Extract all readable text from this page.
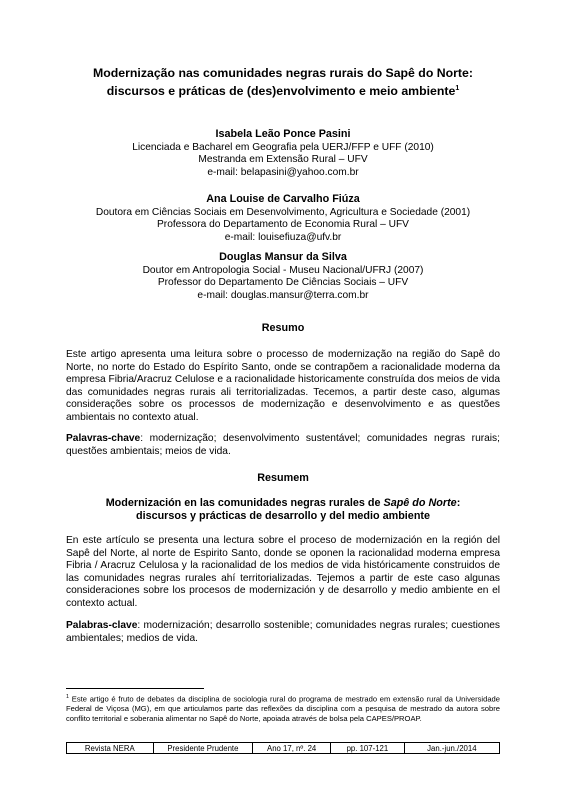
Modernização nas comunidades negras rurais do Sapê do Norte:
discursos e práticas de (des)envolvimento e meio ambiente$^1$
Isabela Leão Ponce Pasini
Licenciada e Bacharel em Geografia pela UERJ/FFP e UFF (2010)
Mestranda em Extensão Rural – UFV
e-mail: belapasini@yahoo.com.br
Ana Louise de Carvalho Fiúza
Doutora em Ciências Sociais em Desenvolvimento, Agricultura e Sociedade (2001)
Professora do Departamento de Economia Rural – UFV
e-mail: louisefiuza@ufv.br
Douglas Mansur da Silva
Doutor em Antropologia Social - Museu Nacional/UFRJ (2007)
Professor do Departamento De Ciências Sociais – UFV
e-mail: douglas.mansur@terra.com.br
Resumo
Este artigo apresenta uma leitura sobre o processo de modernização na região do Sapê do Norte, no norte do Estado do Espírito Santo, onde se contrapõem a racionalidade moderna da empresa Fibria/Aracruz Celulose e a racionalidade historicamente construída dos meios de vida das comunidades negras rurais ali territorializadas. Tecemos, a partir deste caso, algumas considerações sobre os processos de modernização e desenvolvimento e as questões ambientais no contexto atual.
Palavras-chave: modernização; desenvolvimento sustentável; comunidades negras rurais; questões ambientais; meios de vida.
Resumem
Modernización en las comunidades negras rurales de Sapê do Norte:
discursos y prácticas de desarrollo y del medio ambiente
En este artículo se presenta una lectura sobre el proceso de modernización en la región del Sapê del Norte, al norte de Espirito Santo, donde se oponen la racionalidad moderna empresa Fibria / Aracruz Celulosa y la racionalidad de los medios de vida históricamente construidos de las comunidades negras rurales ahí territorializadas. Tejemos a partir de este caso algunas consideraciones sobre los procesos de modernización y de desarrollo y medio ambiente en el contexto actual.
Palabras-clave: modernización; desarrollo sostenible; comunidades negras rurales; cuestiones ambientales; medios de vida.
$^1$ Este artigo é fruto de debates da disciplina de sociologia rural do programa de mestrado em extensão rural da Universidade Federal de Viçosa (MG), em que articulamos parte das reflexões da disciplina com a pesquisa de mestrado da autora sobre conflito territorial e soberania alimentar no Sapê do Norte, apoiada através de bolsa pela CAPES/PROAP.
Revista NERA	Presidente Prudente	Ano 17, nº. 24	pp. 107-121	Jan.-jun./2014
